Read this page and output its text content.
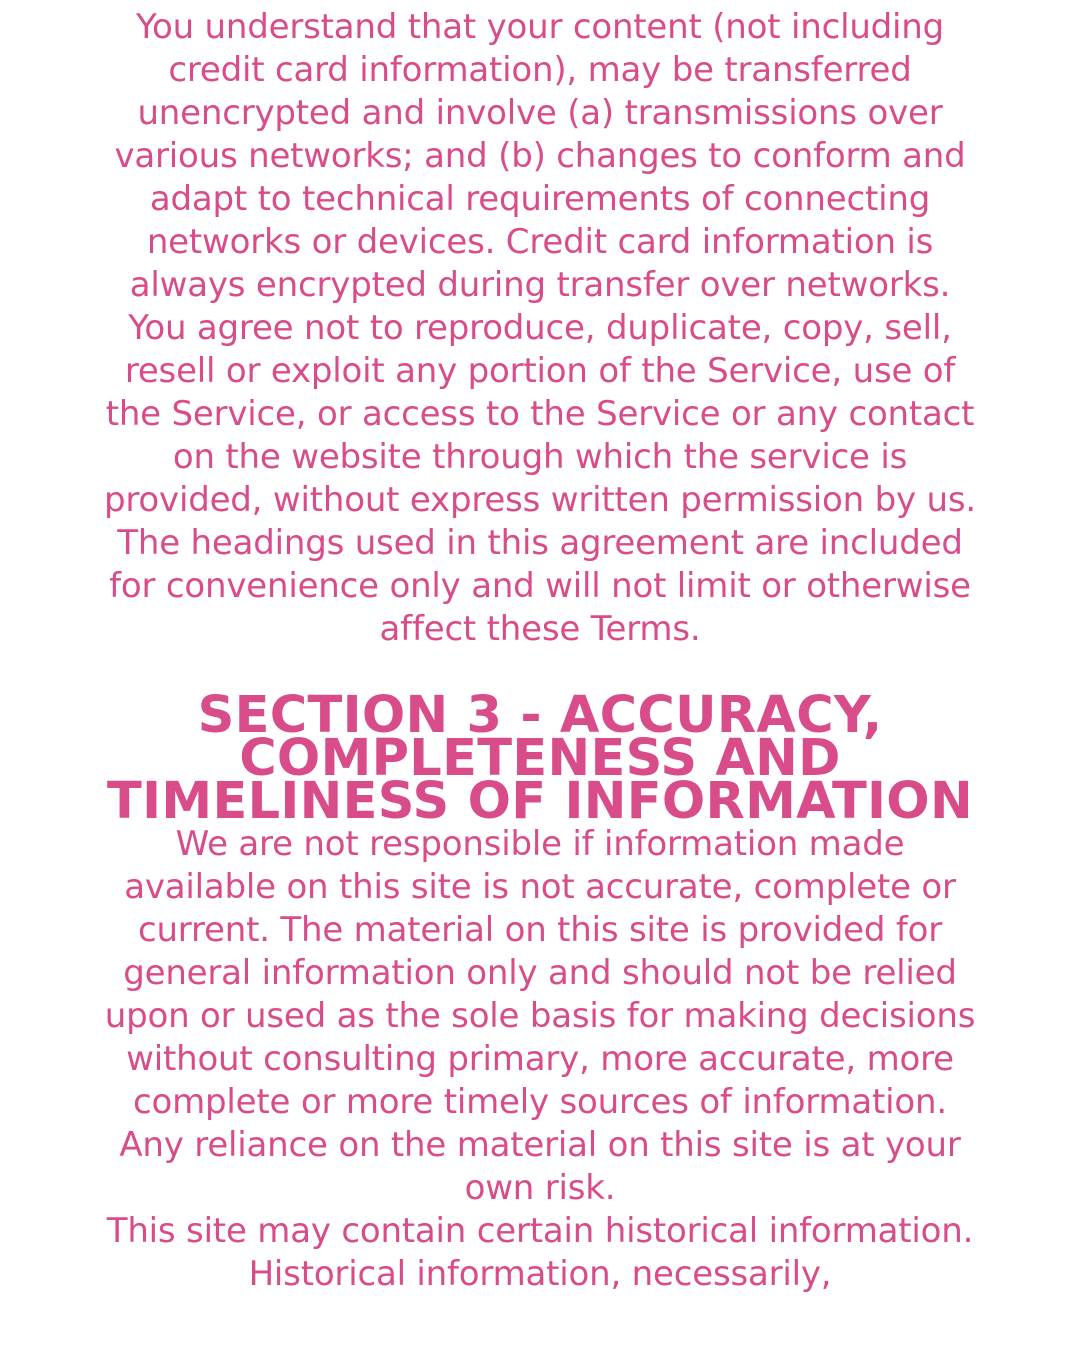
You understand that your content (not including credit card information), may be transferred unencrypted and involve (a) transmissions over various networks; and (b) changes to conform and adapt to technical requirements of connecting networks or devices. Credit card information is always encrypted during transfer over networks.

You agree not to reproduce, duplicate, copy, sell, resell or exploit any portion of the Service, use of the Service, or access to the Service or any contact on the website through which the service is provided, without express written permission by us.

The headings used in this agreement are included for convenience only and will not limit or otherwise affect these Terms.

SECTION 3 - ACCURACY, COMPLETENESS AND TIMELINESS OF INFORMATION

We are not responsible if information made available on this site is not accurate, complete or current. The material on this site is provided for general information only and should not be relied upon or used as the sole basis for making decisions without consulting primary, more accurate, more complete or more timely sources of information. Any reliance on the material on this site is at your own risk.

This site may contain certain historical information. Historical information, necessarily,
